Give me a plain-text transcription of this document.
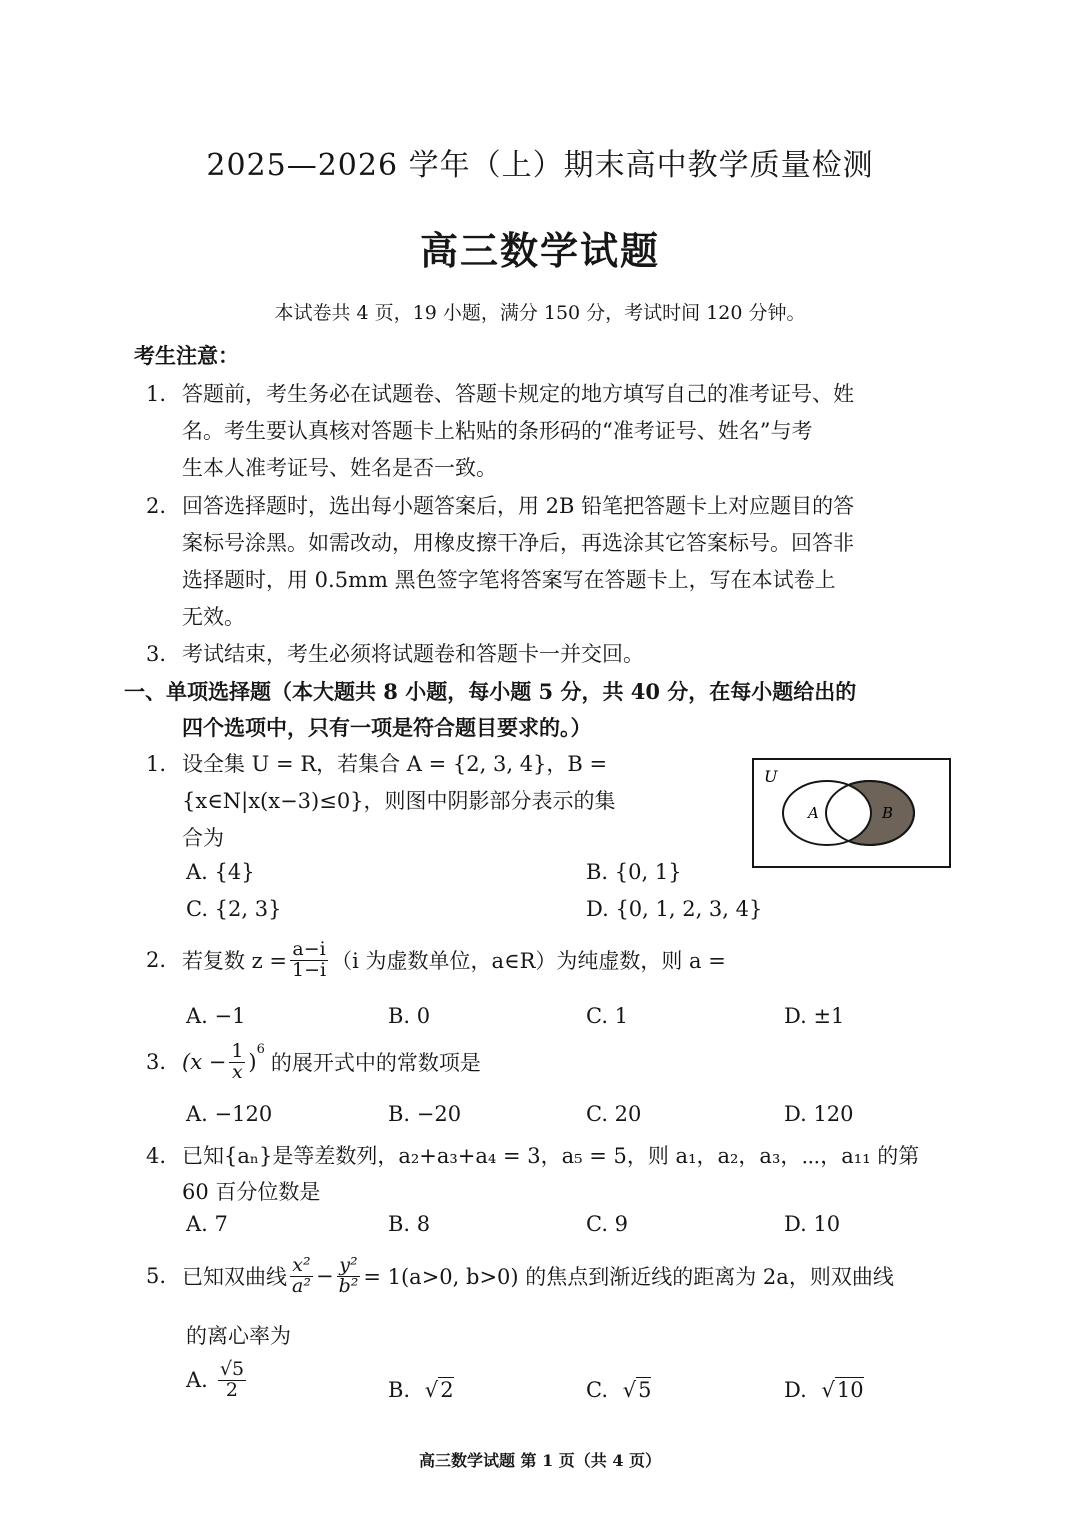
2025—2026 学年（上）期末高中教学质量检测
高三数学试题
本试卷共 4 页，19 小题，满分 150 分，考试时间 120 分钟。
考生注意：
1. 答题前，考生务必在试题卷、答题卡规定的地方填写自己的准考证号、姓
名。考生要认真核对答题卡上粘贴的条形码的“准考证号、姓名”与考
生本人准考证号、姓名是否一致。
2. 回答选择题时，选出每小题答案后，用 2B 铅笔把答题卡上对应题目的答
案标号涂黑。如需改动，用橡皮擦干净后，再选涂其它答案标号。回答非
选择题时，用 0.5mm 黑色签字笔将答案写在答题卡上，写在本试卷上
无效。
3. 考试结束，考生必须将试题卷和答题卡一并交回。
一、单项选择题（本大题共 8 小题，每小题 5 分，共 40 分，在每小题给出的
四个选项中，只有一项是符合题目要求的。）
1. 设全集 U = R，若集合 A = {2, 3, 4}，B =
{x∈N|x(x−3)≤0}，则图中阴影部分表示的集
合为
U
A	B
A. {4}	B. {0, 1}
C. {2, 3}	D. {0, 1, 2, 3, 4}
2. 若复数 $z = \frac{a-i}{1-i} (i$ 为虚数单位，a∈R）为纯虚数，则 a =
A. −1	B. 0	C. 1	D. ±1
3. ($x - \frac{1}{x}$ )
$^6$
的展开式中的常数项是
A. −120	B. −20	C. 20	D. 120
4. 已知{aₙ}是等差数列，a₂+a₃+a₄ = 3，a₅ = 5，则 a₁，a₂，a₃，⋯，a₁₁ 的第
60 百分位数是
A. 7	B. 8	C. 9	D. 10
5. 已知双曲线 $\frac{\text{x²}}{\text{a²}} - \frac{\text{y²}}{\text{b²}} = 1(a>0$, b>0) 的焦点到渐近线的距离为 2a，则双曲线
的离心率为
A. $\frac{√5}{2}$	B. √2	C. √5	D. √10
高三数学试题 第 1 页（共 4 页）
